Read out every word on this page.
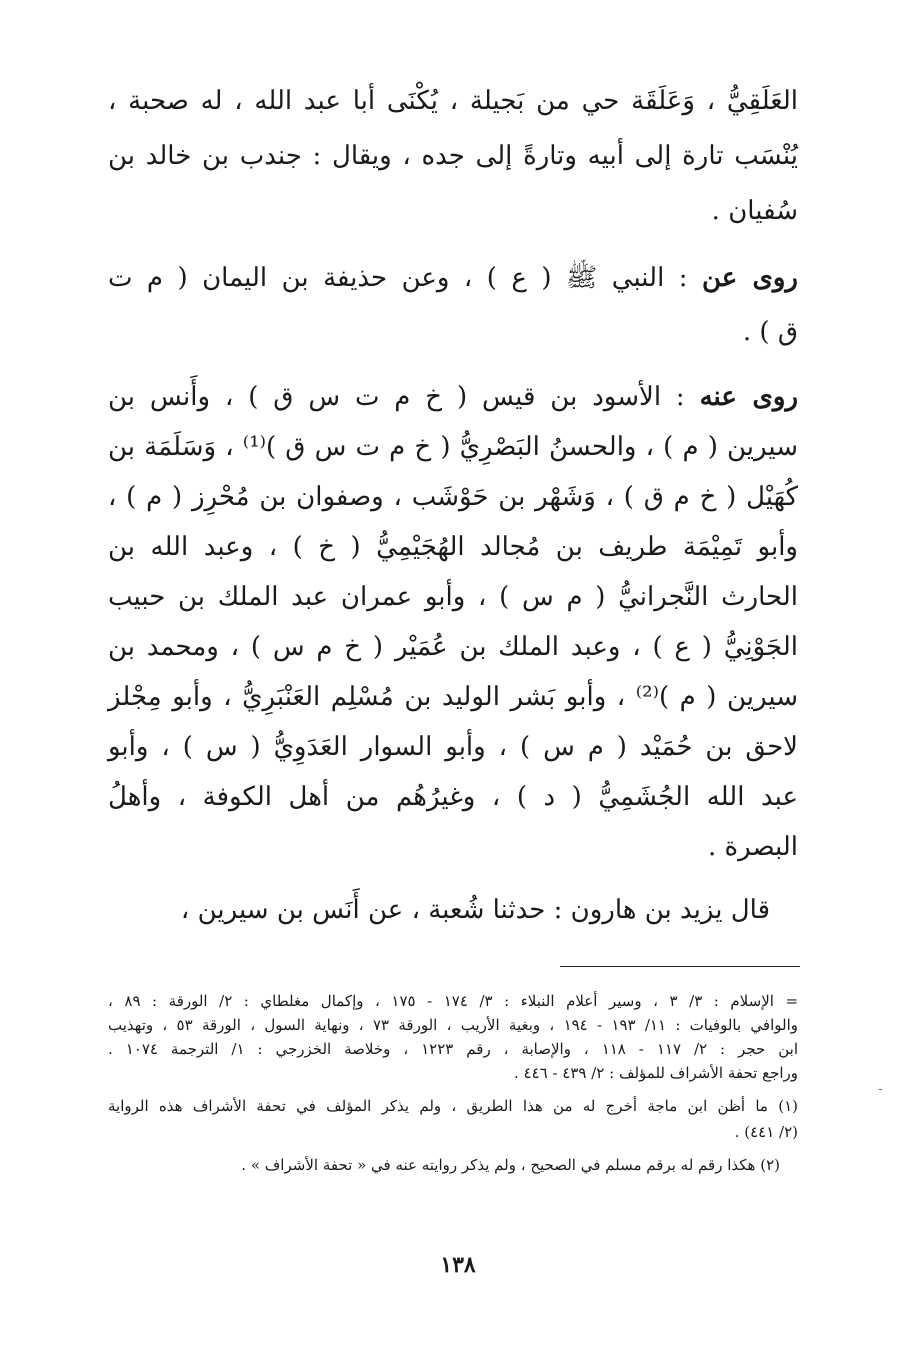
العَلَقِيُّ ، وَعَلَقَة حي من بَجيلة ، يُكْنَى أبا عبد الله ، له صحبة ،
يُنْسَب تارة إلى أبيه وتارةً إلى جده ، ويقال : جندب بن خالد بن
سُفيان .
روى عن : النبي ﷺ ( ع ) ، وعن حذيفة بن اليمان ( م ت
ق ) .
روى عنه : الأسود بن قيس ( خ م ت س ق ) ، وأَنس بن
سيرين ( م ) ، والحسنُ البَصْرِيُّ ( خ م ت س ق )⁽¹⁾ ، وَسَلَمَة بن
كُهَيْل ( خ م ق ) ، وَشَهْر بن حَوْشَب ، وصفوان بن مُحْرِز ( م ) ،
وأبو تَمِيْمَة طريف بن مُجالد الهُجَيْمِيُّ ( خ ) ، وعبد الله بن
الحارث النَّجرانيُّ ( م س ) ، وأبو عمران عبد الملك بن حبيب
الجَوْنِيُّ ( ع ) ، وعبد الملك بن عُمَيْر ( خ م س ) ، ومحمد بن
سيرين ( م )⁽²⁾ ، وأبو بَشر الوليد بن مُسْلِم العَنْبَرِيُّ ، وأبو مِجْلز
لاحق بن حُمَيْد ( م س ) ، وأبو السوار العَدَوِيُّ ( س ) ، وأبو
عبد الله الجُشَمِيُّ ( د ) ، وغيرُهُم من أهل الكوفة ، وأهلُ
البصرة .
قال يزيد بن هارون : حدثنا شُعبة ، عن أَنَس بن سيرين ،
= الإسلام : ٣/ ٣ ، وسير أعلام النبلاء : ٣/ ١٧٤ - ١٧٥ ، وإكمال مغلطاي : ٢/ الورقة : ٨٩ ،
والوافي بالوفيات : ١١/ ١٩٣ - ١٩٤ ، وبغية الأريب ، الورقة ٧٣ ، ونهاية السول ، الورقة ٥٣ ، وتهذيب
ابن حجر : ٢/ ١١٧ - ١١٨ ، والإصابة ، رقم ١٢٢٣ ، وخلاصة الخزرجي : ١/ الترجمة ١٠٧٤ .
وراجع تحفة الأشراف للمؤلف : ٢/ ٤٣٩ - ٤٤٦ .
(١) ما أظن ابن ماجة أخرج له من هذا الطريق ، ولم يذكر المؤلف في تحفة الأشراف هذه الرواية
(٢/ ٤٤١) .
(٢) هكذا رقم له برقم مسلم في الصحيح ، ولم يذكر روايته عنه في « تحفة الأشراف » .
-
١٣٨
